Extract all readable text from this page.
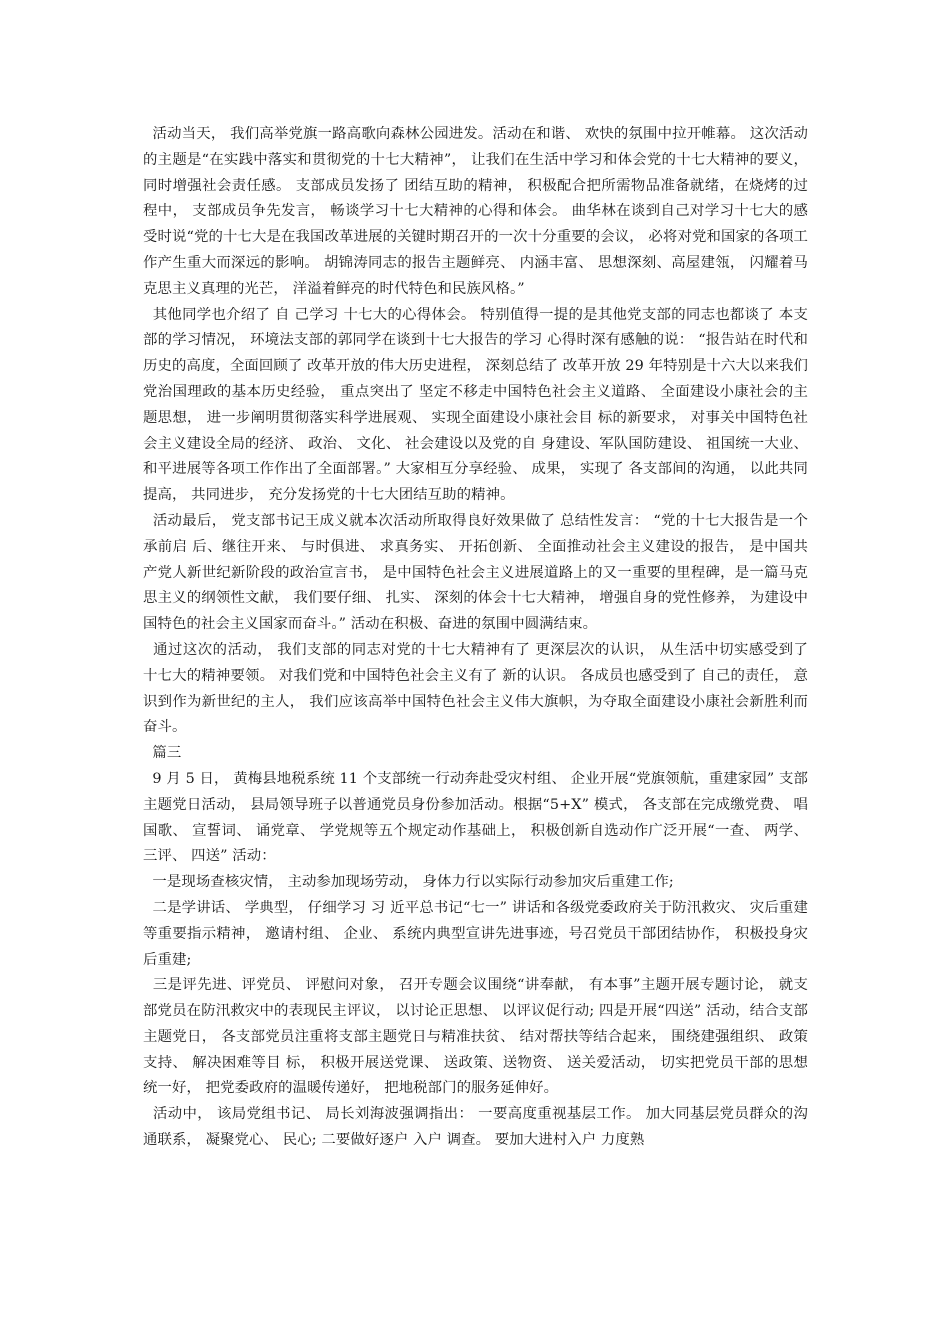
活动当天， 我们高举党旗一路高歌向森林公园进发。活动在和谐、 欢快的氛围中拉开帷幕。 这次活动的主题是“在实践中落实和贯彻党的十七大精神”， 让我们在生活中学习和体会党的十七大精神的要义， 同时增强社会责任感。 支部成员发扬了 团结互助的精神， 积极配合把所需物品准备就绪，在烧烤的过程中， 支部成员争先发言， 畅谈学习十七大精神的心得和体会。 曲华林在谈到自己对学习十七大的感受时说“党的十七大是在我国改革进展的关键时期召开的一次十分重要的会议， 必将对党和国家的各项工作产生重大而深远的影响。 胡锦涛同志的报告主题鲜亮、 内涵丰富、 思想深刻、高屋建瓴， 闪耀着马克思主义真理的光芒， 洋溢着鲜亮的时代特色和民族风格。”

其他同学也介绍了 自 己学习 十七大的心得体会。 特别值得一提的是其他党支部的同志也都谈了 本支部的学习情况， 环境法支部的郭同学在谈到十七大报告的学习 心得时深有感触的说： “报告站在时代和历史的高度，全面回顾了 改革开放的伟大历史进程， 深刻总结了 改革开放 29 年特别是十六大以来我们党治国理政的基本历史经验， 重点突出了 坚定不移走中国特色社会主义道路、 全面建设小康社会的主题思想， 进一步阐明贯彻落实科学进展观、 实现全面建设小康社会目 标的新要求， 对事关中国特色社会主义建设全局的经济、 政治、 文化、 社会建设以及党的自 身建设、军队国防建设、 祖国统一大业、 和平进展等各项工作作出了全面部署。” 大家相互分享经验、 成果， 实现了 各支部间的沟通， 以此共同提高， 共同进步， 充分发扬党的十七大团结互助的精神。

活动最后， 党支部书记王成义就本次活动所取得良好效果做了 总结性发言： “党的十七大报告是一个承前启 后、继往开来、 与时俱进、 求真务实、 开拓创新、 全面推动社会主义建设的报告， 是中国共产党人新世纪新阶段的政治宣言书， 是中国特色社会主义进展道路上的又一重要的里程碑，是一篇马克思主义的纲领性文献， 我们要仔细、 扎实、 深刻的体会十七大精神， 增强自身的党性修养， 为建设中国特色的社会主义国家而奋斗。” 活动在积极、奋进的氛围中圆满结束。

通过这次的活动， 我们支部的同志对党的十七大精神有了 更深层次的认识， 从生活中切实感受到了 十七大的精神要领。 对我们党和中国特色社会主义有了 新的认识。 各成员也感受到了 自己的责任， 意识到作为新世纪的主人， 我们应该高举中国特色社会主义伟大旗帜，为夺取全面建设小康社会新胜利而奋斗。

篇三

9 月 5 日， 黄梅县地税系统 11 个支部统一行动奔赴受灾村组、 企业开展“党旗领航，重建家园” 支部主题党日活动， 县局领导班子以普通党员身份参加活动。根据“5+X” 模式， 各支部在完成缴党费、 唱国歌、 宣誓词、 诵党章、 学党规等五个规定动作基础上， 积极创新自选动作广泛开展“一查、 两学、 三评、 四送” 活动：

一是现场查核灾情， 主动参加现场劳动， 身体力行以实际行动参加灾后重建工作;

二是学讲话、 学典型， 仔细学习 习 近平总书记“七一” 讲话和各级党委政府关于防汛救灾、 灾后重建等重要指示精神， 邀请村组、 企业、 系统内典型宣讲先进事迹，号召党员干部团结协作， 积极投身灾后重建;

三是评先进、评党员、 评慰问对象， 召开专题会议围绕“讲奉献， 有本事”主题开展专题讨论， 就支部党员在防汛救灾中的表现民主评议， 以讨论正思想、 以评议促行动; 四是开展“四送” 活动，结合支部主题党日， 各支部党员注重将支部主题党日与精准扶贫、 结对帮扶等结合起来， 围绕建强组织、 政策支持、 解决困难等目 标， 积极开展送党课、 送政策、送物资、 送关爱活动， 切实把党员干部的思想统一好， 把党委政府的温暖传递好， 把地税部门的服务延伸好。

活动中， 该局党组书记、 局长刘海波强调指出： 一要高度重视基层工作。 加大同基层党员群众的沟通联系， 凝聚党心、 民心; 二要做好逐户 入户 调查。 要加大进村入户 力度熟
